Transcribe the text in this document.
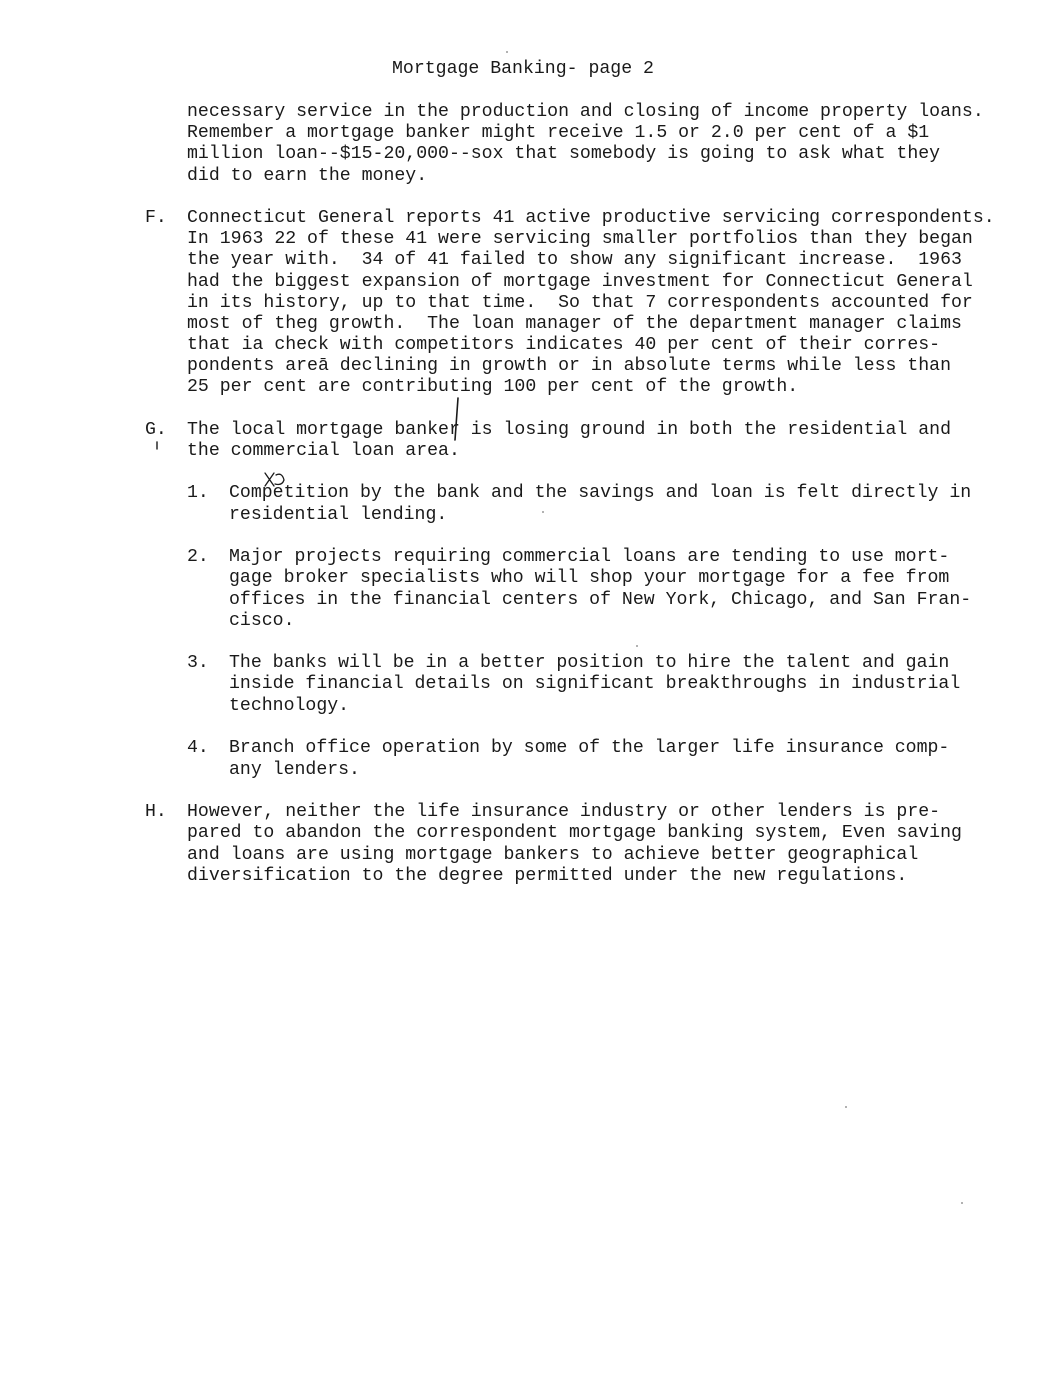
Mortgage Banking- page 2
necessary service in the production and closing of income property loans.
Remember a mortgage banker might receive 1.5 or 2.0 per cent of a $1
million loan--$15-20,000--sox that somebody is going to ask what they
did to earn the money.
F. Connecticut General reports 41 active productive servicing correspondents.
In 1963 22 of these 41 were servicing smaller portfolios than they began
the year with.  34 of 41 failed to show any significant increase.  1963
had the biggest expansion of mortgage investment for Connecticut General
in its history, up to that time.  So that 7 correspondents accounted for
most of theg growth.  The loan manager of the department manager claims
that ia check with competitors indicates 40 per cent of their corres-
pondents areā declining in growth or in absolute terms while less than
25 per cent are contributing 100 per cent of the growth.
G. The local mortgage banker is losing ground in both the residential and
the commercial loan area.
1. Competition by the bank and the savings and loan is felt directly in
residential lending.
2. Major projects requiring commercial loans are tending to use mort-
gage broker specialists who will shop your mortgage for a fee from
offices in the financial centers of New York, Chicago, and San Fran-
cisco.
3. The banks will be in a better position to hire the talent and gain
inside financial details on significant breakthroughs in industrial
technology.
4. Branch office operation by some of the larger life insurance comp-
any lenders.
H. However, neither the life insurance industry or other lenders is pre-
pared to abandon the correspondent mortgage banking system, Even saving
and loans are using mortgage bankers to achieve better geographical
diversification to the degree permitted under the new regulations.
